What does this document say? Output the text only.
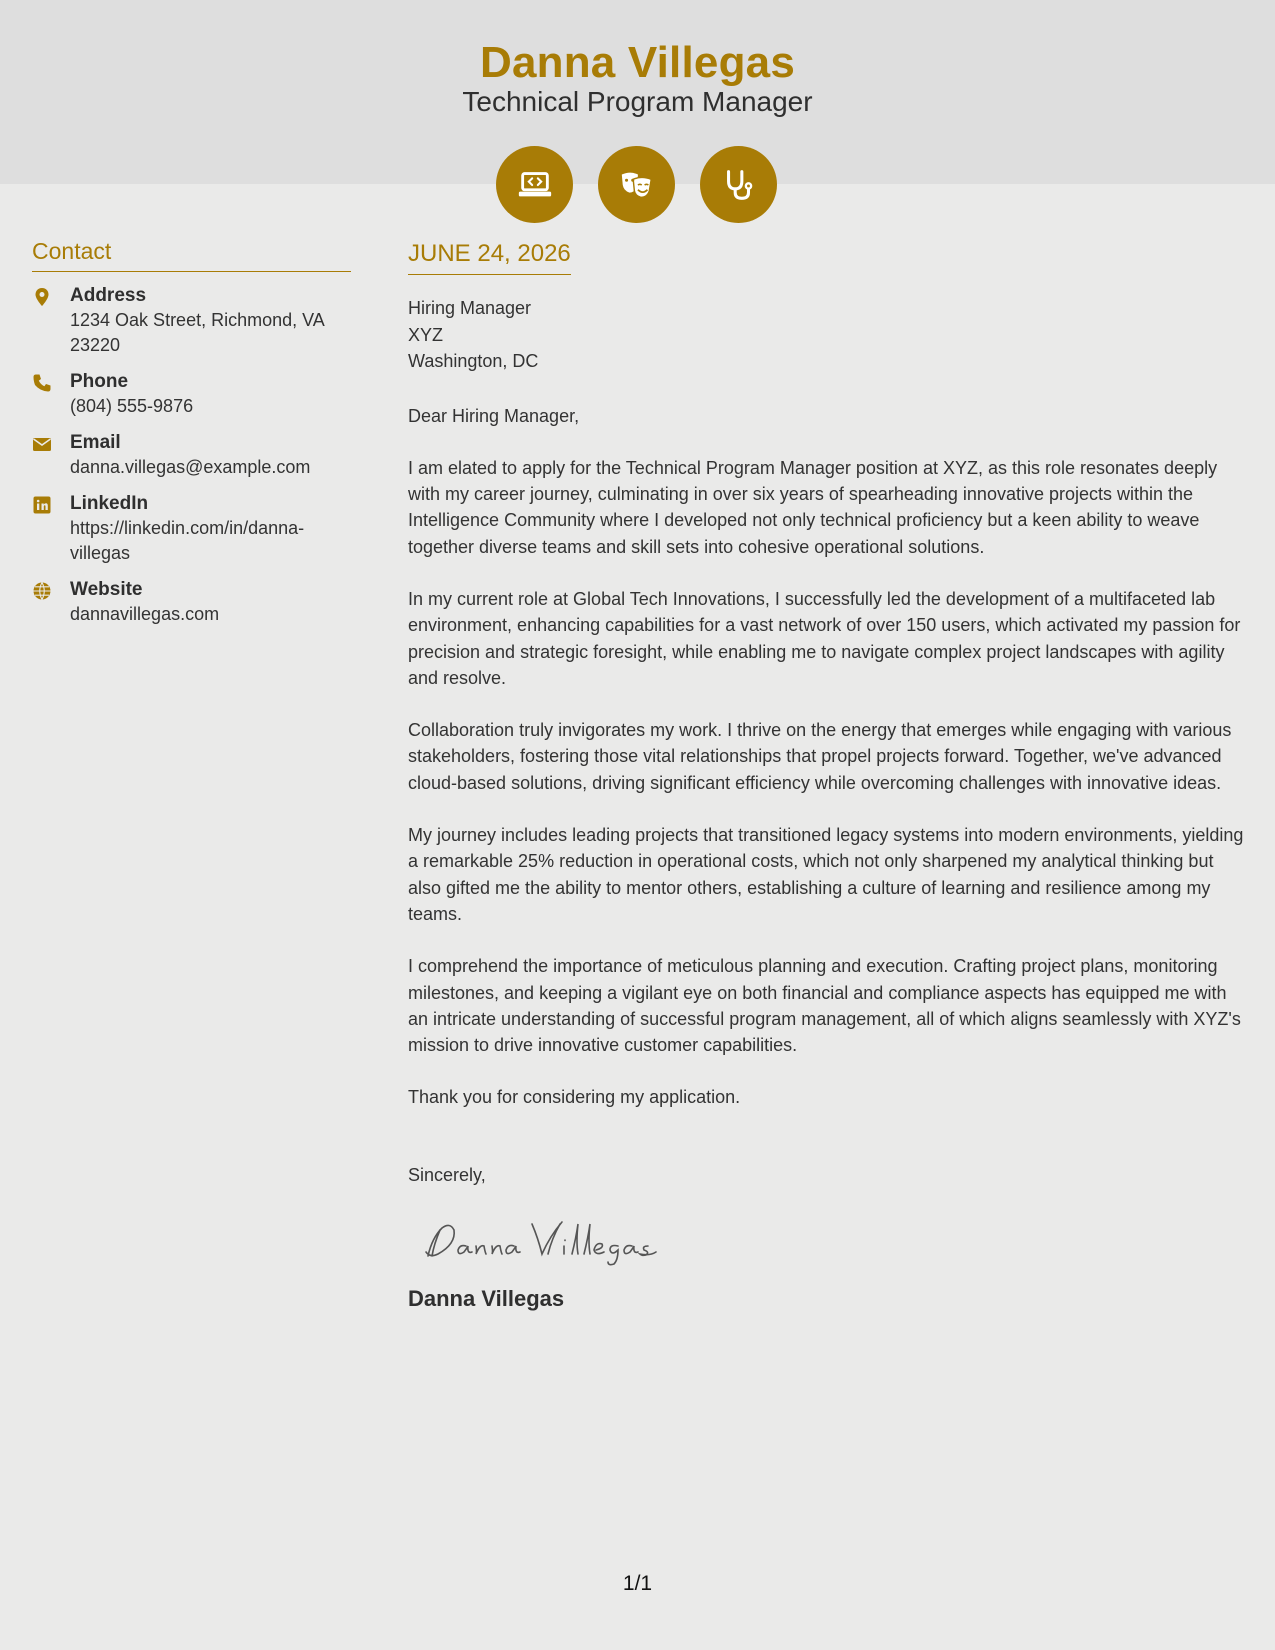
Danna Villegas
Technical Program Manager
Contact
Address
1234 Oak Street, Richmond, VA 23220
Phone
(804) 555-9876
Email
danna.villegas@example.com
LinkedIn
https://linkedin.com/in/danna-villegas
Website
dannavillegas.com
JUNE 24, 2026
Hiring Manager
XYZ
Washington, DC

Dear Hiring Manager,

I am elated to apply for the Technical Program Manager position at XYZ, as this role resonates deeply with my career journey, culminating in over six years of spearheading innovative projects within the Intelligence Community where I developed not only technical proficiency but a keen ability to weave together diverse teams and skill sets into cohesive operational solutions.

In my current role at Global Tech Innovations, I successfully led the development of a multifaceted lab environment, enhancing capabilities for a vast network of over 150 users, which activated my passion for precision and strategic foresight, while enabling me to navigate complex project landscapes with agility and resolve.

Collaboration truly invigorates my work. I thrive on the energy that emerges while engaging with various stakeholders, fostering those vital relationships that propel projects forward. Together, we've advanced cloud-based solutions, driving significant efficiency while overcoming challenges with innovative ideas.

My journey includes leading projects that transitioned legacy systems into modern environments, yielding a remarkable 25% reduction in operational costs, which not only sharpened my analytical thinking but also gifted me the ability to mentor others, establishing a culture of learning and resilience among my teams.

I comprehend the importance of meticulous planning and execution. Crafting project plans, monitoring milestones, and keeping a vigilant eye on both financial and compliance aspects has equipped me with an intricate understanding of successful program management, all of which aligns seamlessly with XYZ's mission to drive innovative customer capabilities.

Thank you for considering my application.

Sincerely,
Danna Villegas
1/1
